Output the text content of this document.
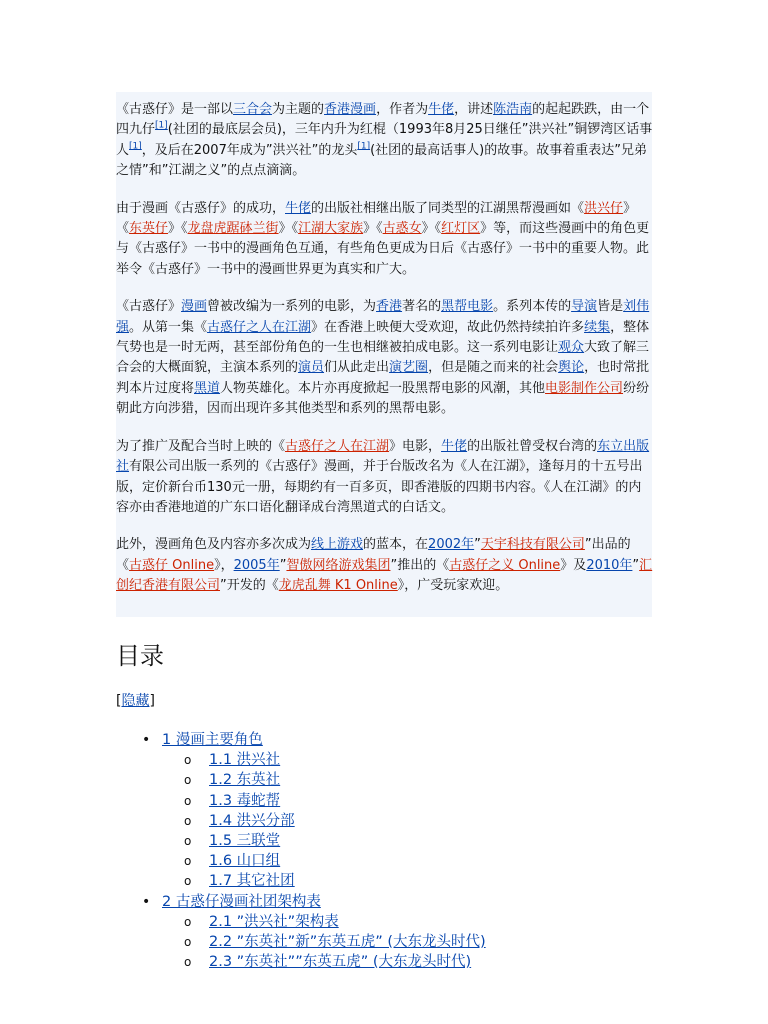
《古惑仔》是一部以三合会为主题的香港漫画，作者为牛佬，讲述陈浩南的起起跌跌，由一个四九仔[1](社团的最底层会员)，三年内升为红棍（1993年8月25日继任”洪兴社”铜锣湾区话事人[1]，及后在2007年成为”洪兴社”的龙头[1](社团的最高话事人)的故事。故事着重表达”兄弟之情”和”江湖之义”的点点滴滴。

由于漫画《古惑仔》的成功，牛佬的出版社相继出版了同类型的江湖黑帮漫画如《洪兴仔》《东英仔》《龙盘虎踞砵兰街》《江湖大家族》《古惑女》《红灯区》等，而这些漫画中的角色更与《古惑仔》一书中的漫画角色互通，有些角色更成为日后《古惑仔》一书中的重要人物。此举令《古惑仔》一书中的漫画世界更为真实和广大。

《古惑仔》漫画曾被改编为一系列的电影，为香港著名的黑帮电影。系列本传的导演皆是刘伟强。从第一集《古惑仔之人在江湖》在香港上映便大受欢迎，故此仍然持续拍许多续集，整体气势也是一时无两，甚至部份角色的一生也相继被拍成电影。这一系列电影让观众大致了解三合会的大概面貌，主演本系列的演员们从此走出演艺圈，但是随之而来的社会舆论，也时常批判本片过度将黑道人物英雄化。本片亦再度掀起一股黑帮电影的风潮，其他电影制作公司纷纷朝此方向涉猎，因而出现许多其他类型和系列的黑帮电影。

为了推广及配合当时上映的《古惑仔之人在江湖》电影，牛佬的出版社曾受权台湾的东立出版社有限公司出版一系列的《古惑仔》漫画，并于台版改名为《人在江湖》，逢每月的十五号出版，定价新台币130元一册，每期约有一百多页，即香港版的四期书内容。《人在江湖》的内容亦由香港地道的广东口语化翻译成台湾黑道式的白话文。

此外，漫画角色及内容亦多次成为线上游戏的蓝本，在2002年”天宇科技有限公司”出品的《古惑仔 Online》，2005年”智傲网络游戏集团”推出的《古惑仔之义 Online》及2010年”汇创纪香港有限公司”开发的《龙虎乱舞 K1 Online》，广受玩家欢迎。

目录
[隐藏]
• 1 漫画主要角色
o 1.1 洪兴社
o 1.2 东英社
o 1.3 毒蛇帮
o 1.4 洪兴分部
o 1.5 三联堂
o 1.6 山口组
o 1.7 其它社团
• 2 古惑仔漫画社团架构表
o 2.1 ”洪兴社”架构表
o 2.2 ”东英社”新”东英五虎” (大东龙头时代)
o 2.3 ”东英社””东英五虎” (大东龙头时代)
